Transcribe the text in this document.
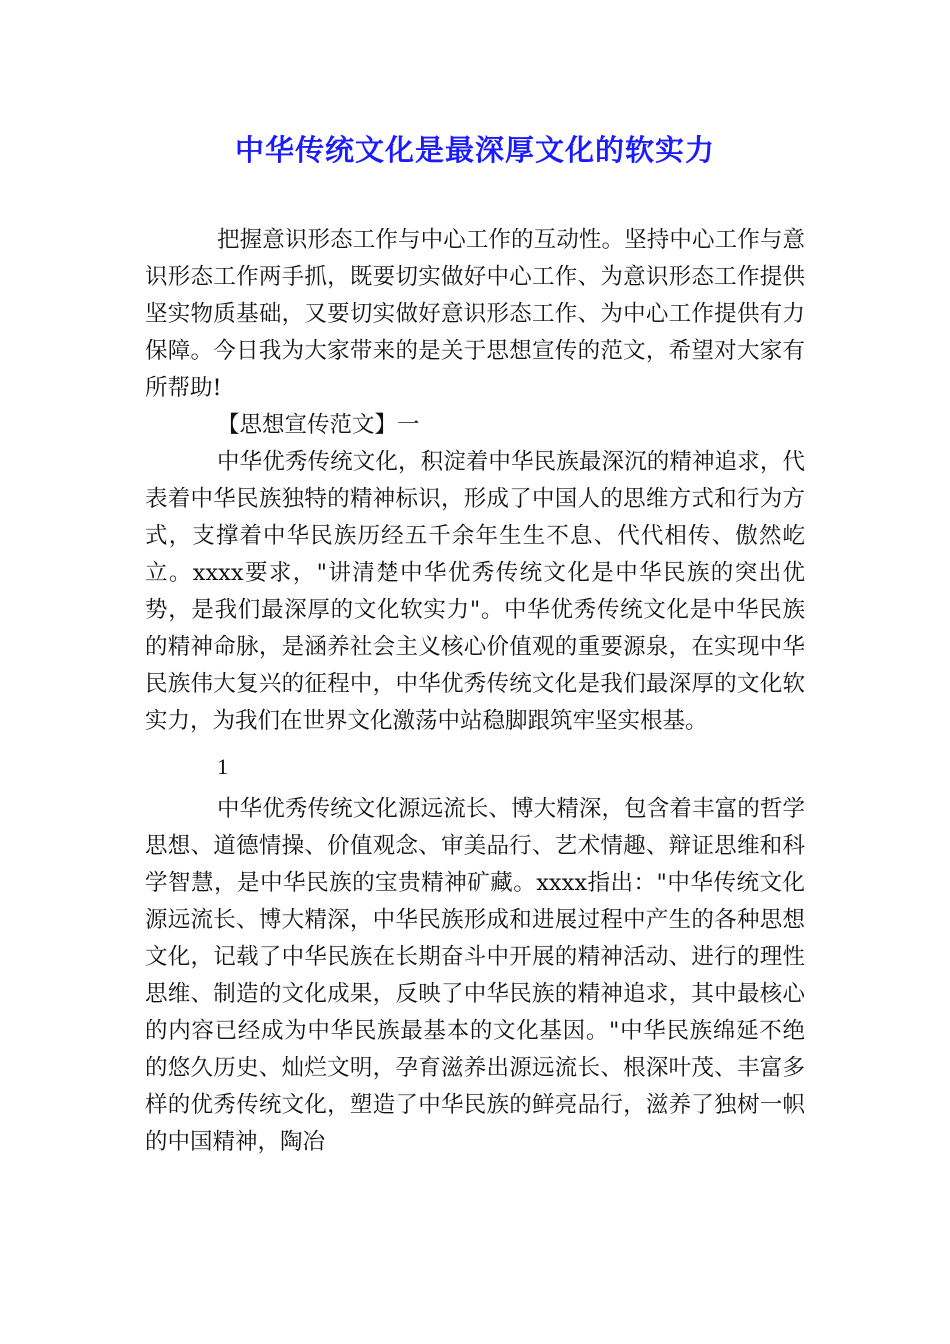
中华传统文化是最深厚文化的软实力

把握意识形态工作与中心工作的互动性。坚持中心工作与意识形态工作两手抓，既要切实做好中心工作、为意识形态工作提供坚实物质基础，又要切实做好意识形态工作、为中心工作提供有力保障。今日我为大家带来的是关于思想宣传的范文，希望对大家有所帮助!

【思想宣传范文】一

中华优秀传统文化，积淀着中华民族最深沉的精神追求，代表着中华民族独特的精神标识，形成了中国人的思维方式和行为方式，支撑着中华民族历经五千余年生生不息、代代相传、傲然屹立。xxxx要求，"讲清楚中华优秀传统文化是中华民族的突出优势，是我们最深厚的文化软实力"。中华优秀传统文化是中华民族的精神命脉，是涵养社会主义核心价值观的重要源泉，在实现中华民族伟大复兴的征程中，中华优秀传统文化是我们最深厚的文化软实力，为我们在世界文化激荡中站稳脚跟筑牢坚实根基。

1

中华优秀传统文化源远流长、博大精深，包含着丰富的哲学思想、道德情操、价值观念、审美品行、艺术情趣、辩证思维和科学智慧，是中华民族的宝贵精神矿藏。xxxx指出："中华传统文化源远流长、博大精深，中华民族形成和进展过程中产生的各种思想文化，记载了中华民族在长期奋斗中开展的精神活动、进行的理性思维、制造的文化成果，反映了中华民族的精神追求，其中最核心的内容已经成为中华民族最基本的文化基因。"中华民族绵延不绝的悠久历史、灿烂文明，孕育滋养出源远流长、根深叶茂、丰富多样的优秀传统文化，塑造了中华民族的鲜亮品行，滋养了独树一帜的中国精神，陶冶
